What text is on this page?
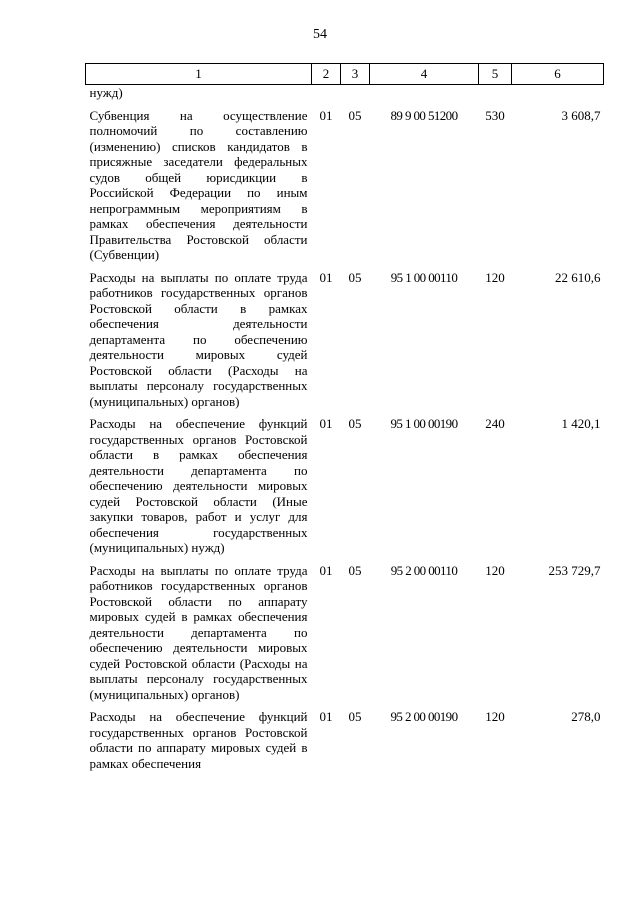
54
1	2	3	4	5	6
нужд)					
Субвенция на осуществление полномочий по составлению (изменению) списков кандидатов в присяжные заседатели федеральных судов общей юрисдикции в Российской Федерации по иным непрограммным мероприятиям в рамках обеспечения деятельности Правительства Ростовской области (Субвенции)	01	05	89 9 00 51200	530	3 608,7
Расходы на выплаты по оплате труда работников государственных органов Ростовской области в рамках обеспечения деятельности департамента по обеспечению деятельности мировых судей Ростовской области (Расходы на выплаты персоналу государственных (муниципальных) органов)	01	05	95 1 00 00110	120	22 610,6
Расходы на обеспечение функций государственных органов Ростовской области в рамках обеспечения деятельности департамента по обеспечению деятельности мировых судей Ростовской области (Иные закупки товаров, работ и услуг для обеспечения государственных (муниципальных) нужд)	01	05	95 1 00 00190	240	1 420,1
Расходы на выплаты по оплате труда работников государственных органов Ростовской области по аппарату мировых судей в рамках обеспечения деятельности департамента по обеспечению деятельности мировых судей Ростовской области (Расходы на выплаты персоналу государственных (муниципальных) органов)	01	05	95 2 00 00110	120	253 729,7
Расходы на обеспечение функций государственных органов Ростовской области по аппарату мировых судей в рамках обеспечения	01	05	95 2 00 00190	120	278,0
